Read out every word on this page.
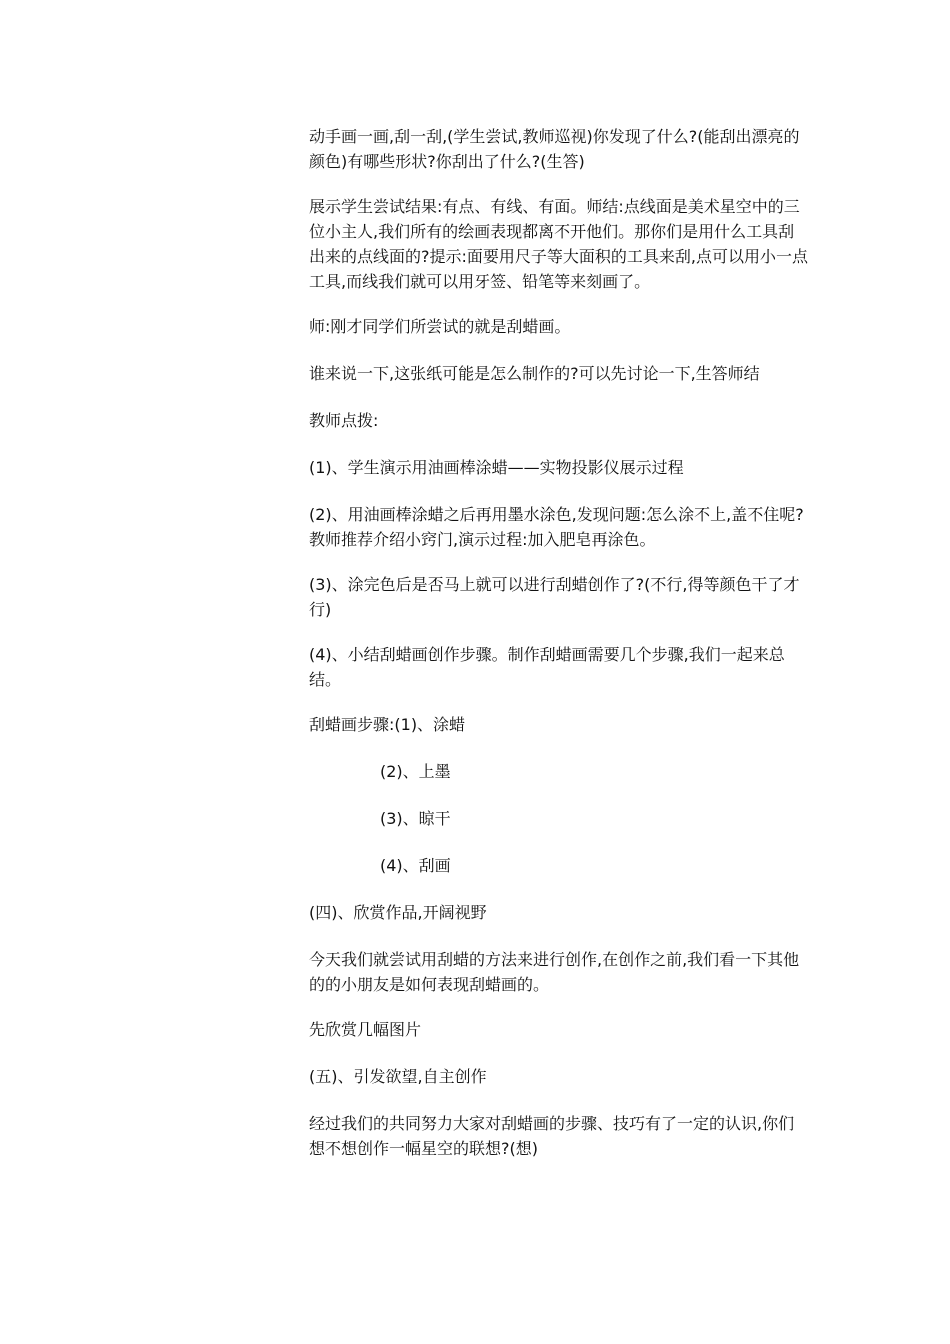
动手画一画,刮一刮,(学生尝试,教师巡视)你发现了什么?(能刮出漂亮的颜色)有哪些形状?你刮出了什么?(生答)

展示学生尝试结果:有点、有线、有面。师结:点线面是美术星空中的三位小主人,我们所有的绘画表现都离不开他们。那你们是用什么工具刮出来的点线面的?提示:面要用尺子等大面积的工具来刮,点可以用小一点工具,而线我们就可以用牙签、铅笔等来刻画了。

师:刚才同学们所尝试的就是刮蜡画。

谁来说一下,这张纸可能是怎么制作的?可以先讨论一下,生答师结

教师点拨:

(1)、学生演示用油画棒涂蜡——实物投影仪展示过程

(2)、用油画棒涂蜡之后再用墨水涂色,发现问题:怎么涂不上,盖不住呢?教师推荐介绍小窍门,演示过程:加入肥皂再涂色。

(3)、涂完色后是否马上就可以进行刮蜡创作了?(不行,得等颜色干了才行)

(4)、小结刮蜡画创作步骤。制作刮蜡画需要几个步骤,我们一起来总结。

刮蜡画步骤:(1)、涂蜡

(2)、上墨

(3)、晾干

(4)、刮画

(四)、欣赏作品,开阔视野

今天我们就尝试用刮蜡的方法来进行创作,在创作之前,我们看一下其他的的小朋友是如何表现刮蜡画的。

先欣赏几幅图片

(五)、引发欲望,自主创作

经过我们的共同努力大家对刮蜡画的步骤、技巧有了一定的认识,你们想不想创作一幅星空的联想?(想)
